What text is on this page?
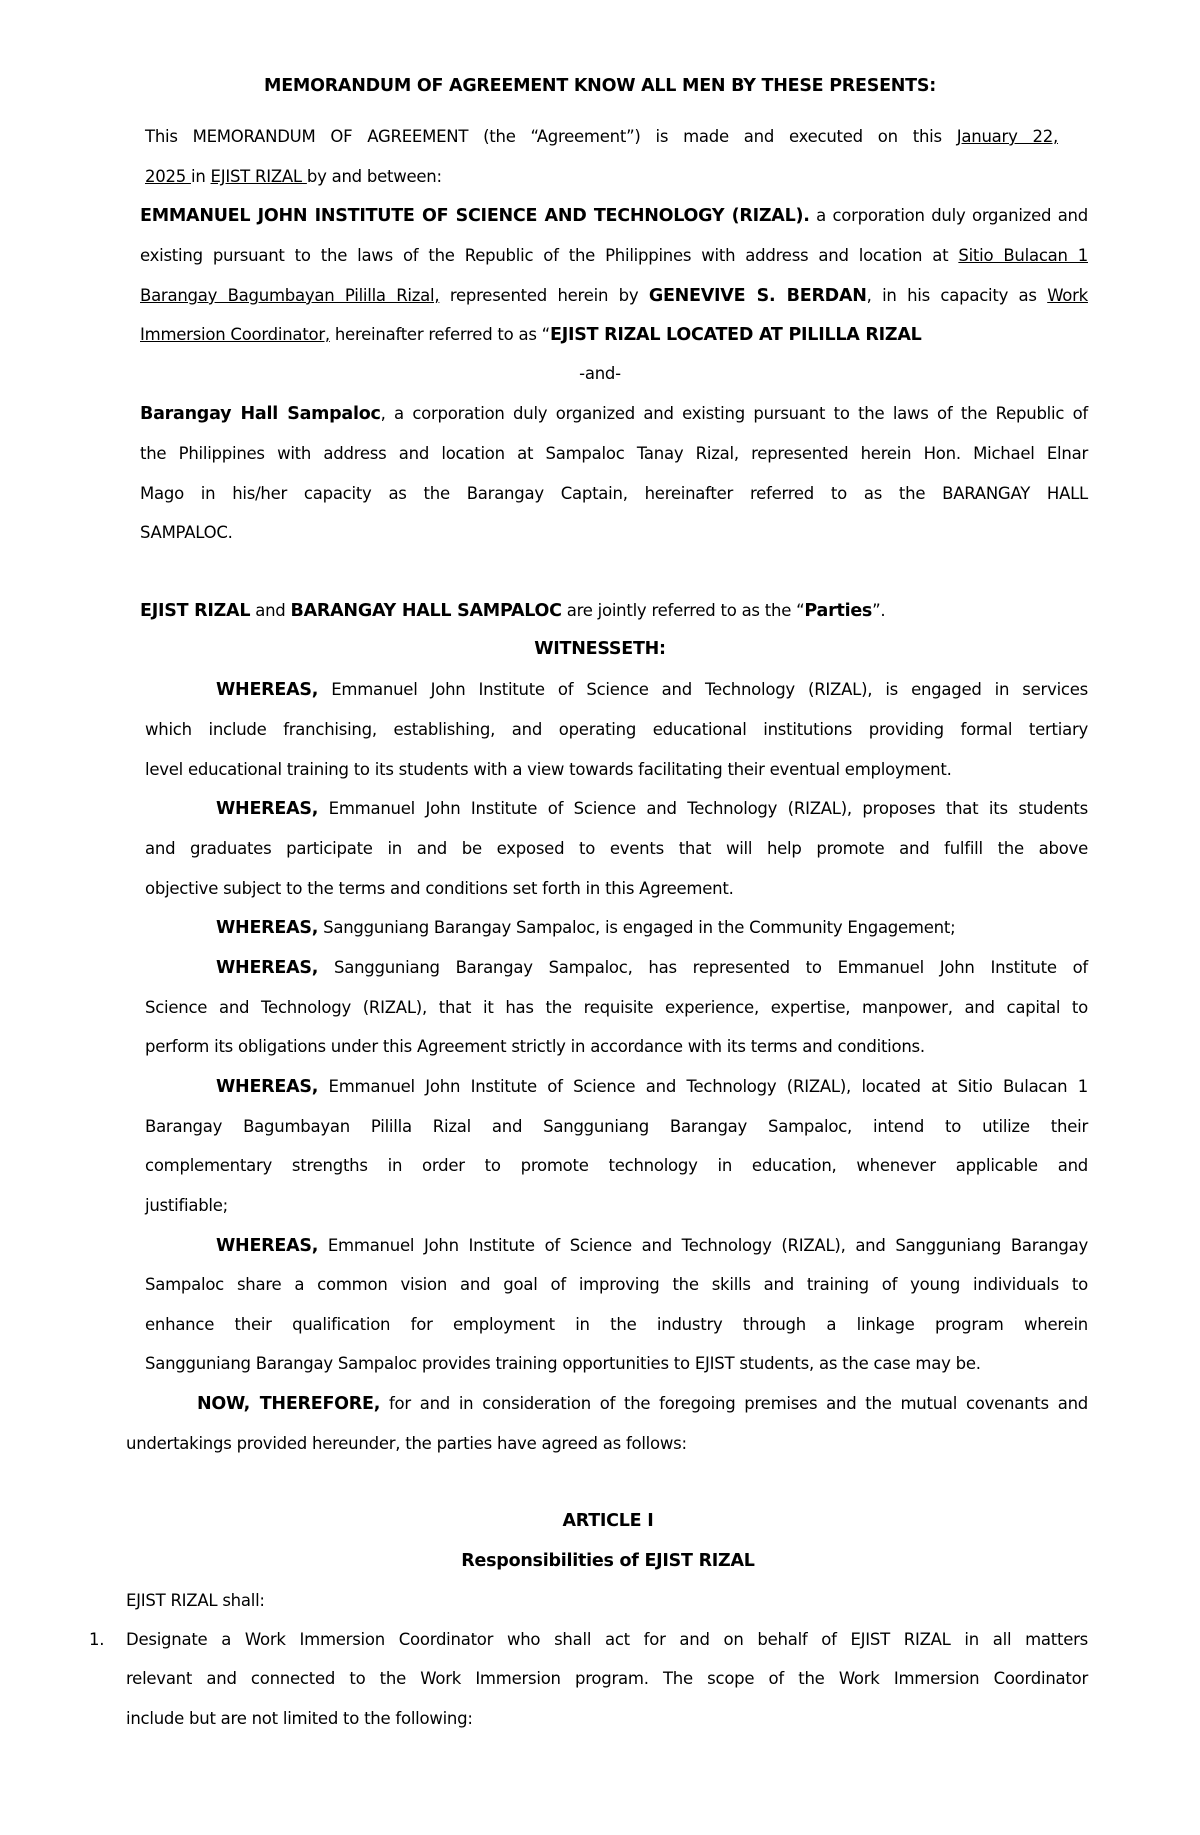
MEMORANDUM OF AGREEMENT KNOW ALL MEN BY THESE PRESENTS:
This MEMORANDUM OF AGREEMENT (the “Agreement”) is made and executed on this January 22,
2025 in EJIST RIZAL by and between:
EMMANUEL JOHN INSTITUTE OF SCIENCE AND TECHNOLOGY (RIZAL). a corporation duly organized and
existing pursuant to the laws of the Republic of the Philippines with address and location at Sitio Bulacan 1
Barangay Bagumbayan Pililla Rizal, represented herein by GENEVIVE S. BERDAN, in his capacity as Work
Immersion Coordinator, hereinafter referred to as “EJIST RIZAL LOCATED AT PILILLA RIZAL
-and-
Barangay Hall Sampaloc, a corporation duly organized and existing pursuant to the laws of the Republic of
the Philippines with address and location at Sampaloc Tanay Rizal, represented herein Hon. Michael Elnar
Mago in his/her capacity as the Barangay Captain, hereinafter referred to as the BARANGAY HALL
SAMPALOC.
EJIST RIZAL and BARANGAY HALL SAMPALOC are jointly referred to as the “Parties”.
WITNESSETH:
WHEREAS, Emmanuel John Institute of Science and Technology (RIZAL), is engaged in services
which include franchising, establishing, and operating educational institutions providing formal tertiary
level educational training to its students with a view towards facilitating their eventual employment.
WHEREAS, Emmanuel John Institute of Science and Technology (RIZAL), proposes that its students
and graduates participate in and be exposed to events that will help promote and fulfill the above
objective subject to the terms and conditions set forth in this Agreement.
WHEREAS, Sangguniang Barangay Sampaloc, is engaged in the Community Engagement;
WHEREAS, Sangguniang Barangay Sampaloc, has represented to Emmanuel John Institute of
Science and Technology (RIZAL), that it has the requisite experience, expertise, manpower, and capital to
perform its obligations under this Agreement strictly in accordance with its terms and conditions.
WHEREAS, Emmanuel John Institute of Science and Technology (RIZAL), located at Sitio Bulacan 1
Barangay Bagumbayan Pililla Rizal and Sangguniang Barangay Sampaloc, intend to utilize their
complementary strengths in order to promote technology in education, whenever applicable and
justifiable;
WHEREAS, Emmanuel John Institute of Science and Technology (RIZAL), and Sangguniang Barangay
Sampaloc share a common vision and goal of improving the skills and training of young individuals to
enhance their qualification for employment in the industry through a linkage program wherein
Sangguniang Barangay Sampaloc provides training opportunities to EJIST students, as the case may be.
NOW, THEREFORE, for and in consideration of the foregoing premises and the mutual covenants and
undertakings provided hereunder, the parties have agreed as follows:
ARTICLE I
Responsibilities of EJIST RIZAL
EJIST RIZAL shall:
1. Designate a Work Immersion Coordinator who shall act for and on behalf of EJIST RIZAL in all matters
relevant and connected to the Work Immersion program. The scope of the Work Immersion Coordinator
include but are not limited to the following:
